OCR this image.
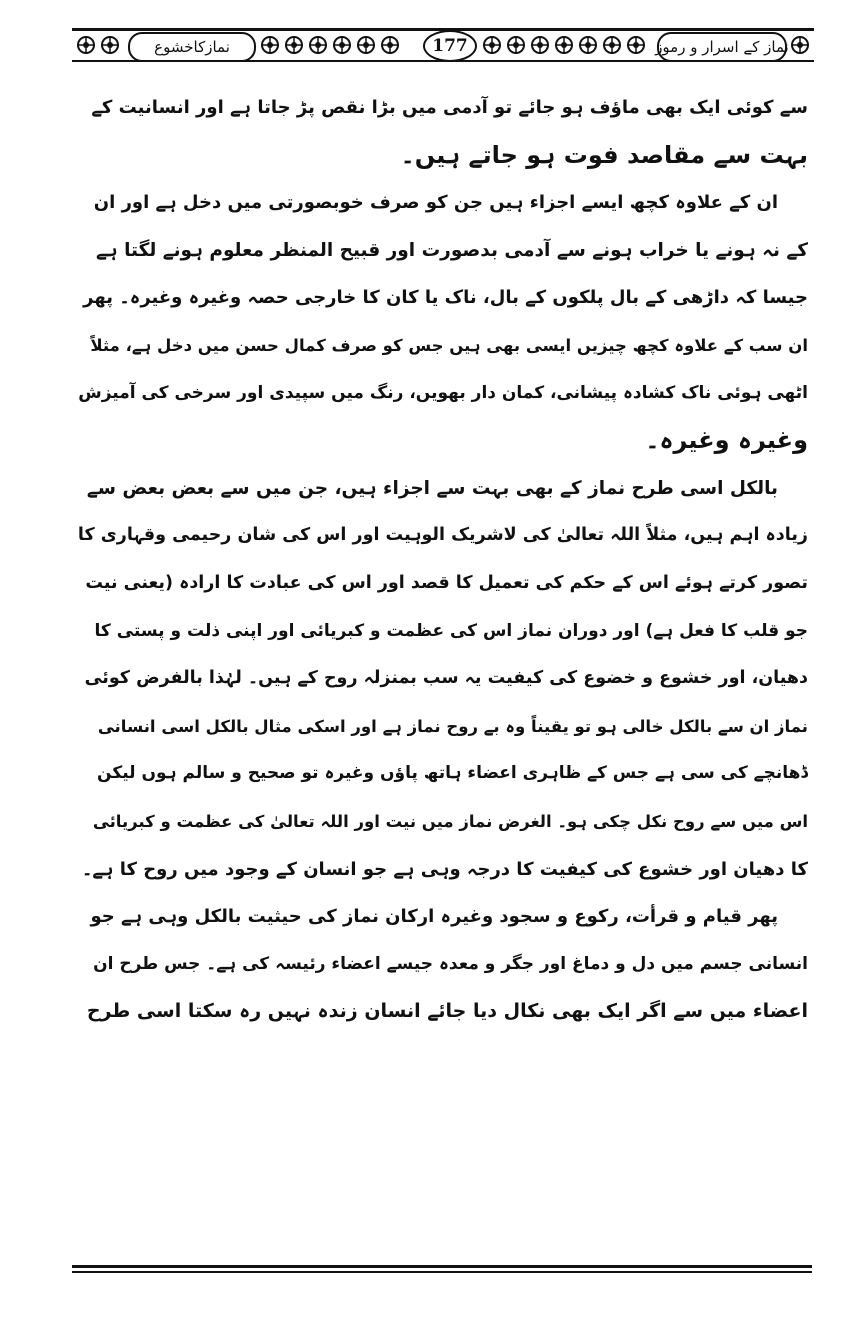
نمازکاخشوع	177	نماز کے اسرار و رموز
سے کوئی ایک بھی ماؤف ہو جائے تو آدمی میں بڑا نقص پڑ جاتا ہے اور انسانیت کے
بہت سے مقاصد فوت ہو جاتے ہیں۔
ان کے علاوہ کچھ ایسے اجزاء ہیں جن کو صرف خوبصورتی میں دخل ہے اور ان
کے نہ ہونے یا خراب ہونے سے آدمی بدصورت اور قبیح المنظر معلوم ہونے لگتا ہے
جیسا کہ داڑھی کے بال پلکوں کے بال، ناک یا کان کا خارجی حصہ وغیرہ وغیرہ۔ پھر
ان سب کے علاوہ کچھ چیزیں ایسی بھی ہیں جس کو صرف کمال حسن میں دخل ہے، مثلاً
اٹھی ہوئی ناک کشادہ پیشانی، کمان دار بھویں، رنگ میں سپیدی اور سرخی کی آمیزش
وغیرہ وغیرہ۔
بالکل اسی طرح نماز کے بھی بہت سے اجزاء ہیں، جن میں سے بعض بعض سے
زیادہ اہم ہیں، مثلاً اللہ تعالیٰ کی لاشریک الوہیت اور اس کی شان رحیمی وقہاری کا
تصور کرتے ہوئے اس کے حکم کی تعمیل کا قصد اور اس کی عبادت کا ارادہ (یعنی نیت
جو قلب کا فعل ہے) اور دوران نماز اس کی عظمت و کبریائی اور اپنی ذلت و پستی کا
دھیان، اور خشوع و خضوع کی کیفیت یہ سب بمنزلہ روح کے ہیں۔ لہٰذا بالفرض کوئی
نماز ان سے بالکل خالی ہو تو یقیناً وہ بے روح نماز ہے اور اسکی مثال بالکل اسی انسانی
ڈھانچے کی سی ہے جس کے ظاہری اعضاء ہاتھ پاؤں وغیرہ تو صحیح و سالم ہوں لیکن
اس میں سے روح نکل چکی ہو۔ الغرض نماز میں نیت اور اللہ تعالیٰ کی عظمت و کبریائی
کا دھیان اور خشوع کی کیفیت کا درجہ وہی ہے جو انسان کے وجود میں روح کا ہے۔
پھر قیام و قرأت، رکوع و سجود وغیرہ ارکان نماز کی حیثیت بالکل وہی ہے جو
انسانی جسم میں دل و دماغ اور جگر و معدہ جیسے اعضاء رئیسہ کی ہے۔ جس طرح ان
اعضاء میں سے اگر ایک بھی نکال دیا جائے انسان زندہ نہیں رہ سکتا اسی طرح
